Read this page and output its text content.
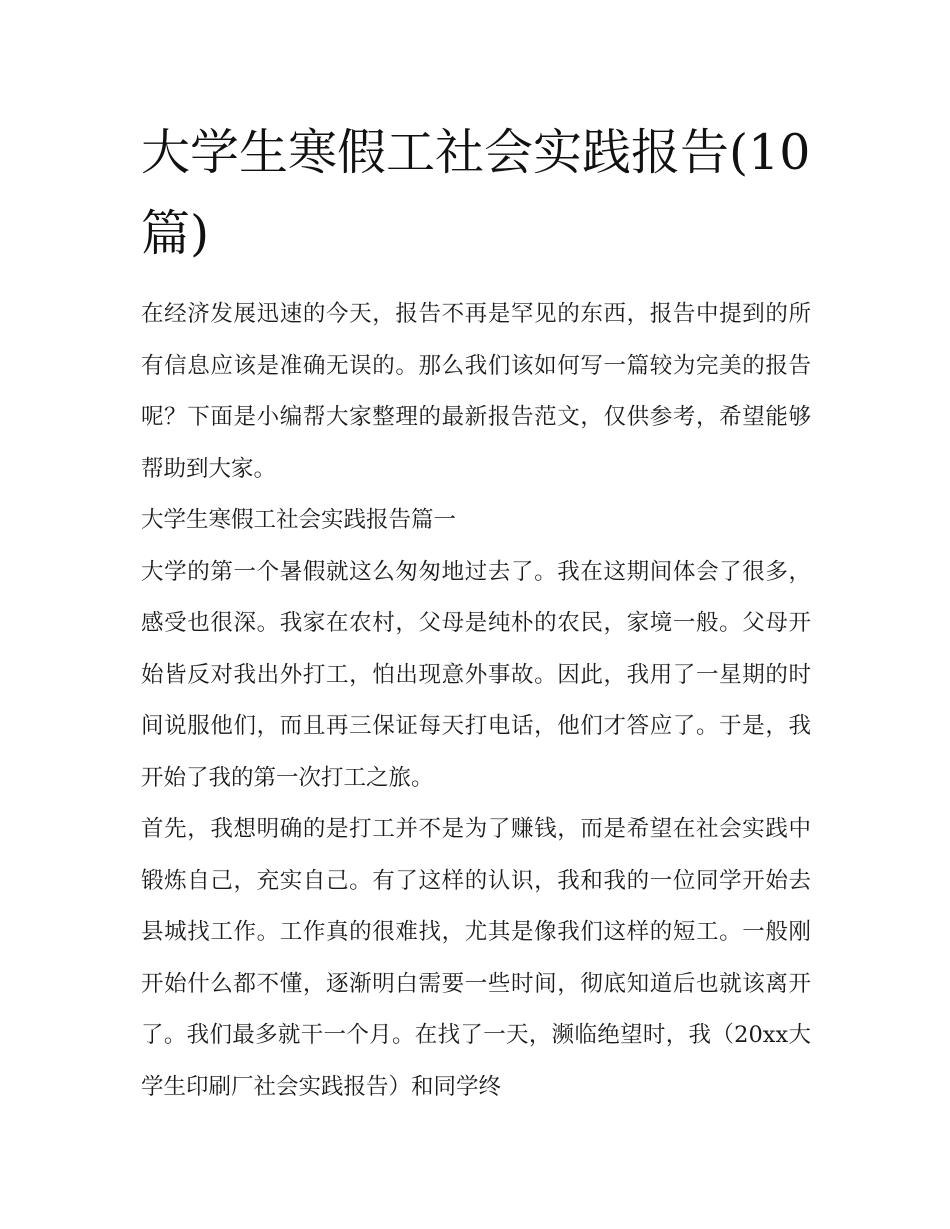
大学生寒假工社会实践报告(10篇)

在经济发展迅速的今天，报告不再是罕见的东西，报告中提到的所有信息应该是准确无误的。那么我们该如何写一篇较为完美的报告呢？下面是小编帮大家整理的最新报告范文，仅供参考，希望能够帮助到大家。

大学生寒假工社会实践报告篇一

大学的第一个暑假就这么匆匆地过去了。我在这期间体会了很多，感受也很深。我家在农村，父母是纯朴的农民，家境一般。父母开始皆反对我出外打工，怕出现意外事故。因此，我用了一星期的时间说服他们，而且再三保证每天打电话，他们才答应了。于是，我开始了我的第一次打工之旅。

首先，我想明确的是打工并不是为了赚钱，而是希望在社会实践中锻炼自己，充实自己。有了这样的认识，我和我的一位同学开始去县城找工作。工作真的很难找，尤其是像我们这样的短工。一般刚开始什么都不懂，逐渐明白需要一些时间，彻底知道后也就该离开了。我们最多就干一个月。在找了一天，濒临绝望时，我（20xx大学生印刷厂社会实践报告）和同学终
